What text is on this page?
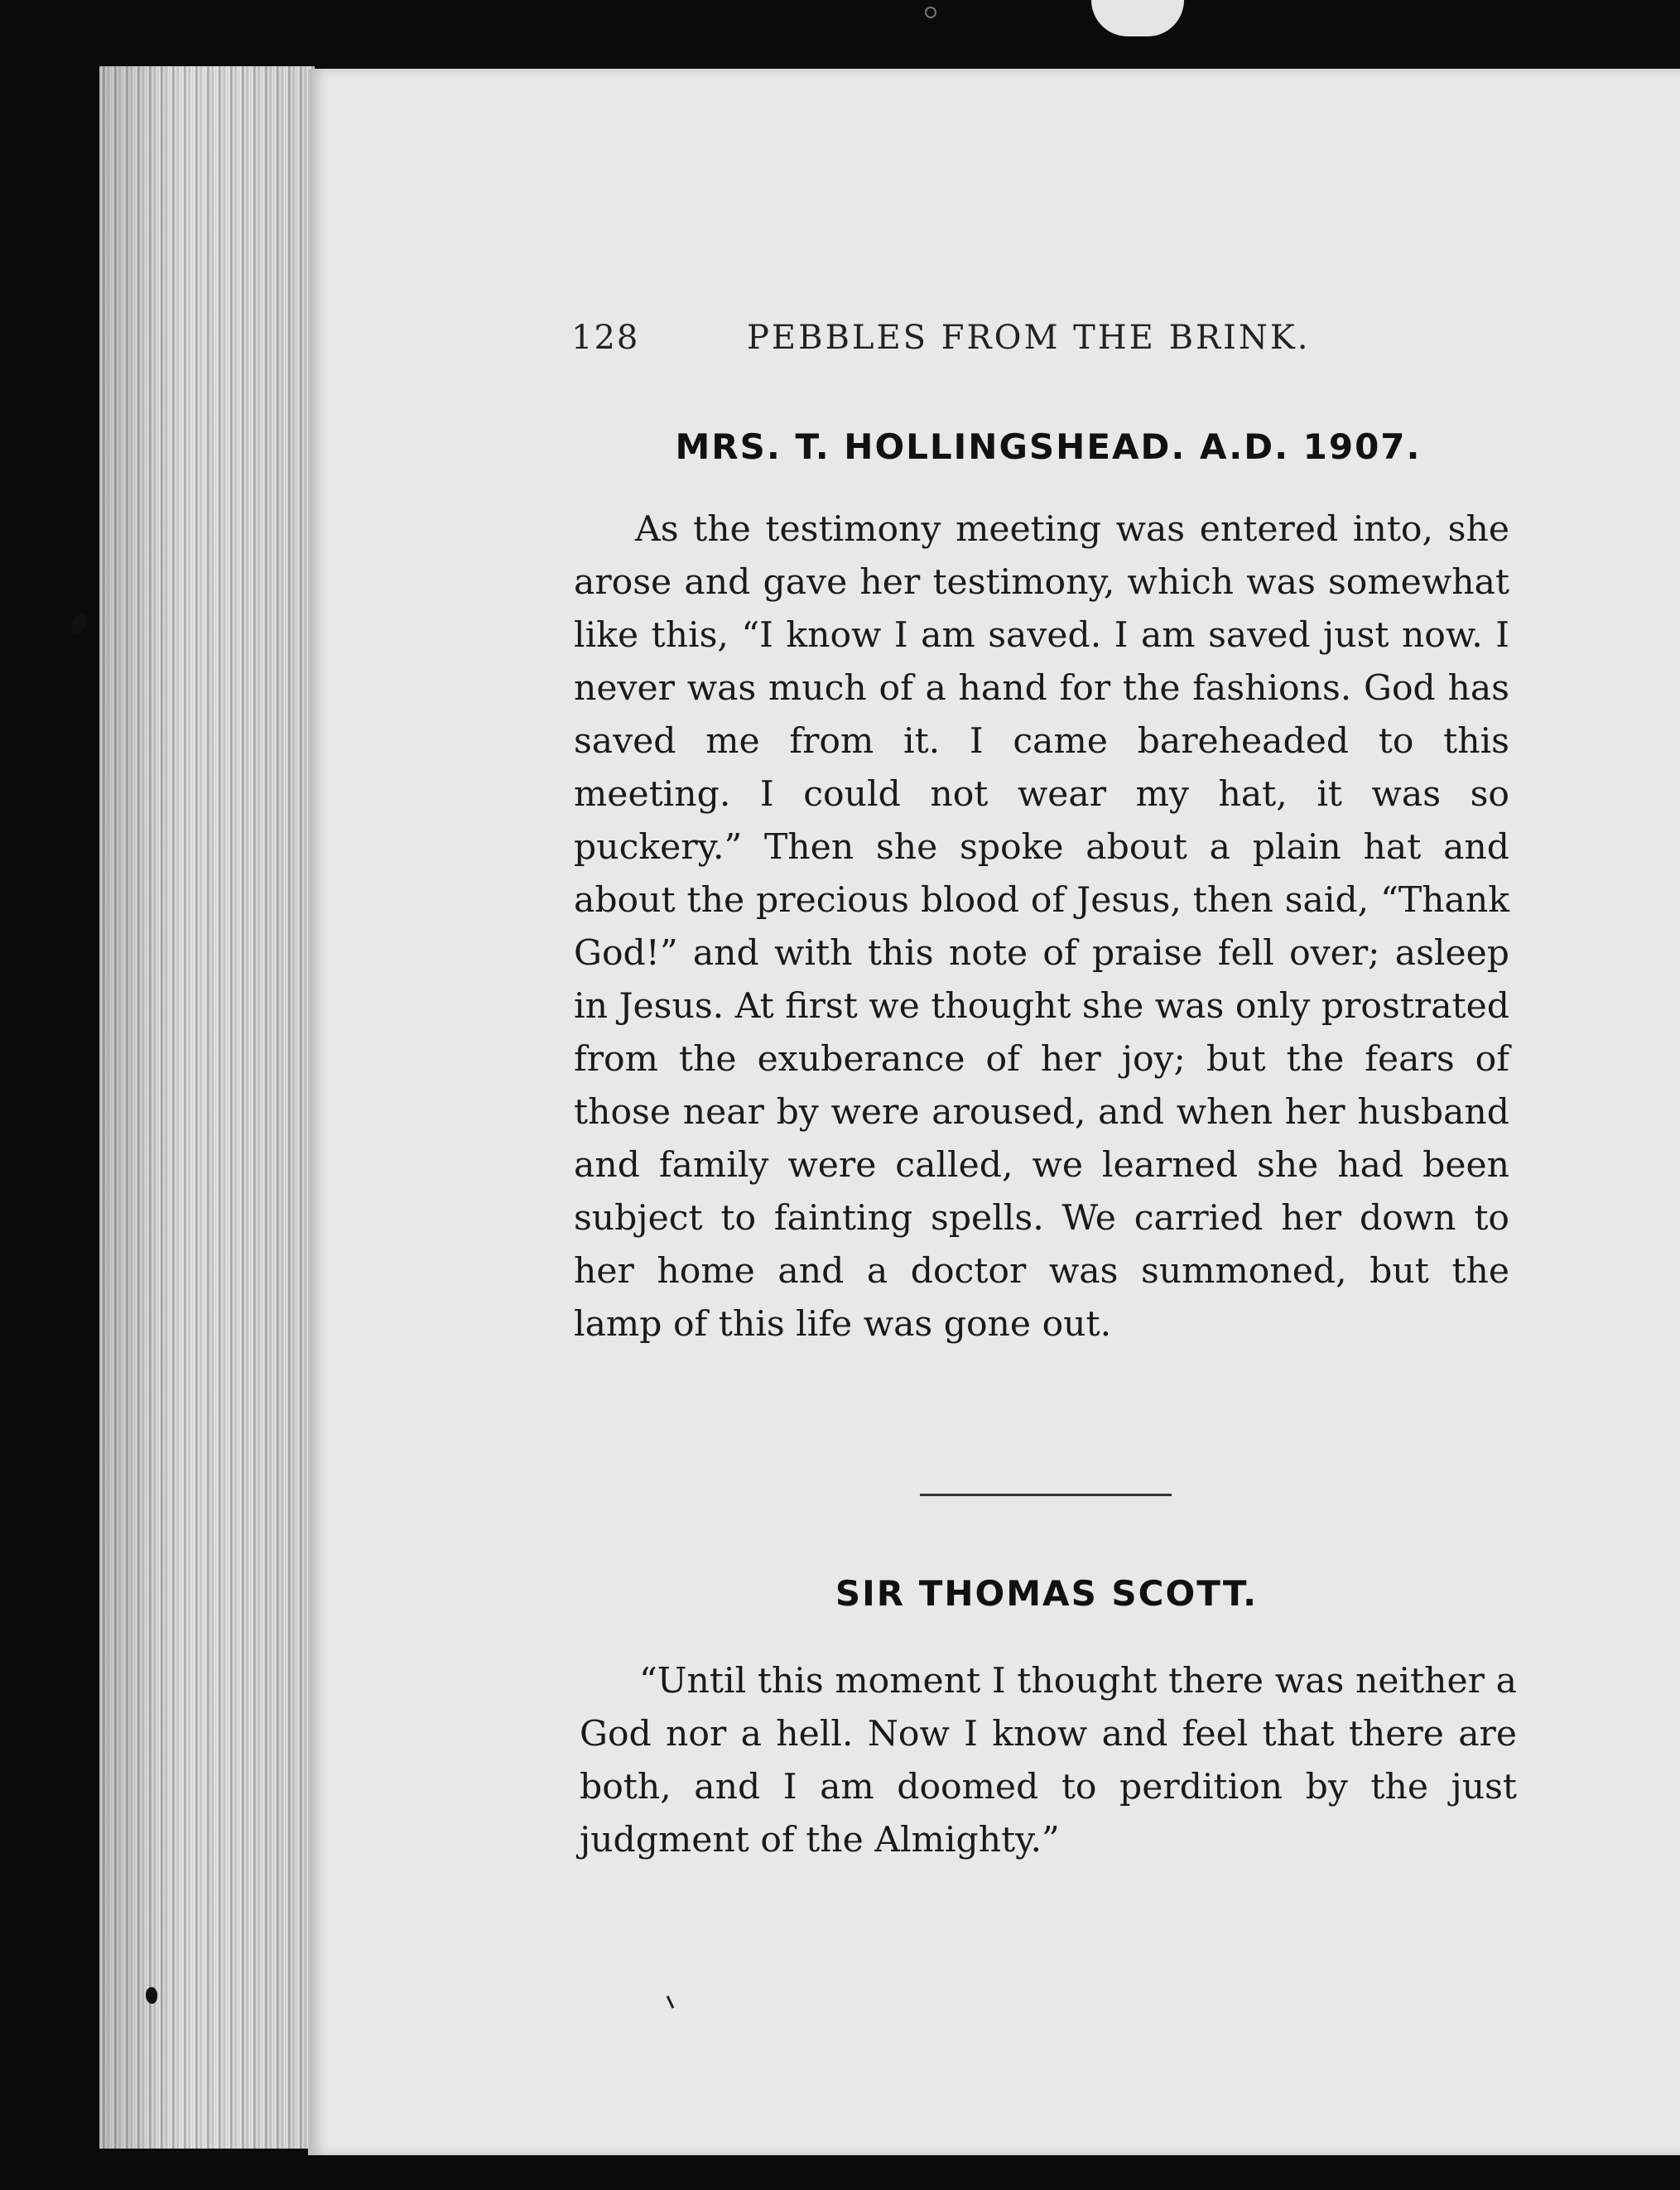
128	PEBBLES FROM THE BRINK.
MRS. T. HOLLINGSHEAD. A.D. 1907.

As the testimony meeting was entered into, she arose and gave her testimony, which was somewhat like this, “I know I am saved. I am saved just now. I never was much of a hand for the fashions. God has saved me from it. I came bareheaded to this meeting. I could not wear my hat, it was so puckery.” Then she spoke about a plain hat and about the precious blood of Jesus, then said, “Thank God!” and with this note of praise fell over; asleep in Jesus. At first we thought she was only prostrated from the exuberance of her joy; but the fears of those near by were aroused, and when her husband and family were called, we learned she had been subject to fainting spells. We carried her down to her home and a doctor was summoned, but the lamp of this life was gone out.

SIR THOMAS SCOTT.

“Until this moment I thought there was neither a God nor a hell. Now I know and feel that there are both, and I am doomed to perdition by the just judgment of the Almighty.”
